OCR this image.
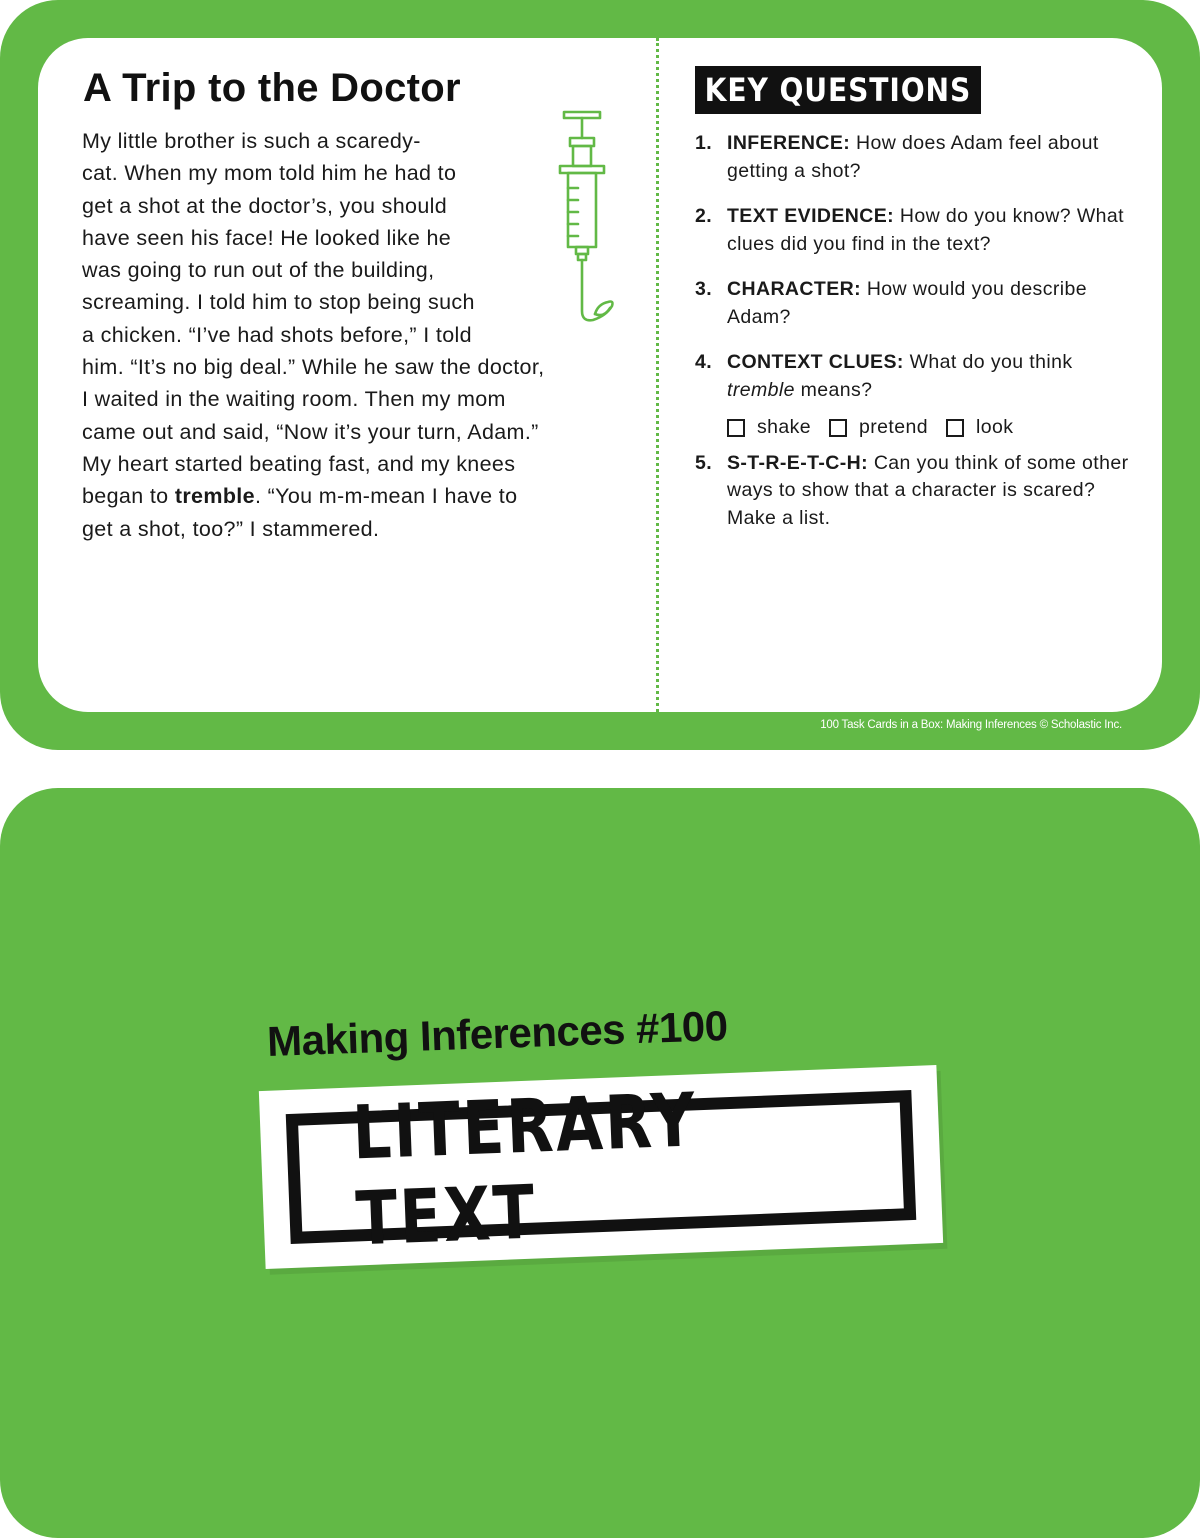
A Trip to the Doctor
My little brother is such a scaredy-
cat. When my mom told him he had to
get a shot at the doctor’s, you should
have seen his face! He looked like he
was going to run out of the building,
screaming. I told him to stop being such
a chicken. “I’ve had shots before,” I told
him. “It’s no big deal.” While he saw the doctor,
I waited in the waiting room. Then my mom
came out and said, “Now it’s your turn, Adam.”
My heart started beating fast, and my knees
began to tremble. “You m-m-mean I have to
get a shot, too?” I stammered.
KEY QUESTIONS
1. INFERENCE: How does Adam feel about getting a shot?
2. TEXT EVIDENCE: How do you know? What clues did you find in the text?
3. CHARACTER: How would you describe Adam?
4. CONTEXT CLUES: What do you think tremble means?
shake pretend look
5. S-T-R-E-T-C-H: Can you think of some other ways to show that a character is scared? Make a list.
100 Task Cards in a Box: Making Inferences © Scholastic Inc.
Making Inferences #100
LITERARY TEXT
